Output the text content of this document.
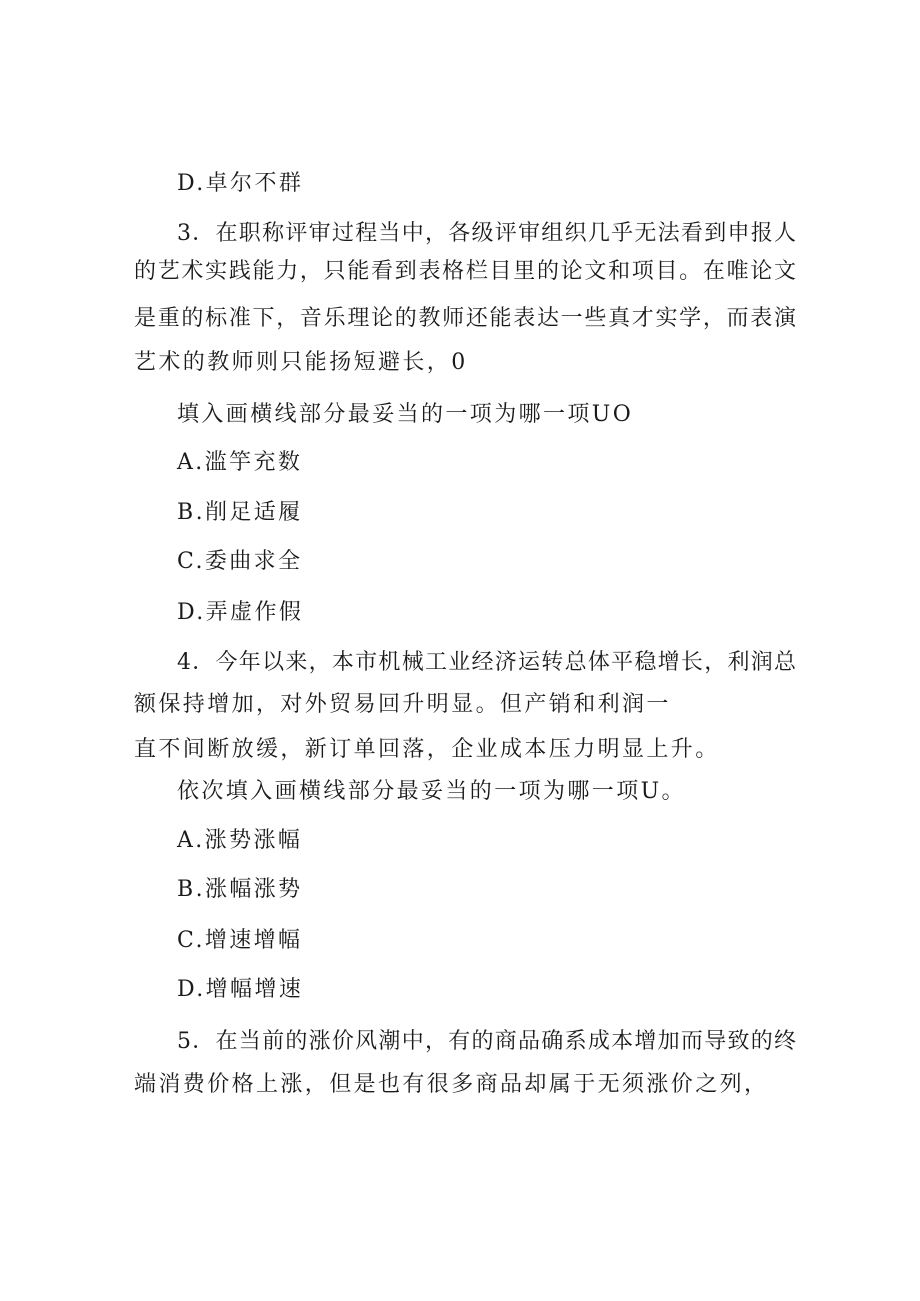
D.卓尔不群
3．在职称评审过程当中，各级评审组织几乎无法看到申报人
的艺术实践能力，只能看到表格栏目里的论文和项目。在唯论文
是重的标准下，音乐理论的教师还能表达一些真才实学，而表演
艺术的教师则只能扬短避长，0
填入画横线部分最妥当的一项为哪一项UO
A.滥竽充数
B.削足适履
C.委曲求全
D.弄虚作假
4．今年以来，本市机械工业经济运转总体平稳增长，利润总
额保持增加，对外贸易回升明显。但产销和利润一
直不间断放缓，新订单回落，企业成本压力明显上升。
依次填入画横线部分最妥当的一项为哪一项U。
A.涨势涨幅
B.涨幅涨势
C.增速增幅
D.增幅增速
5．在当前的涨价风潮中，有的商品确系成本增加而导致的终
端消费价格上涨，但是也有很多商品却属于无须涨价之列，
